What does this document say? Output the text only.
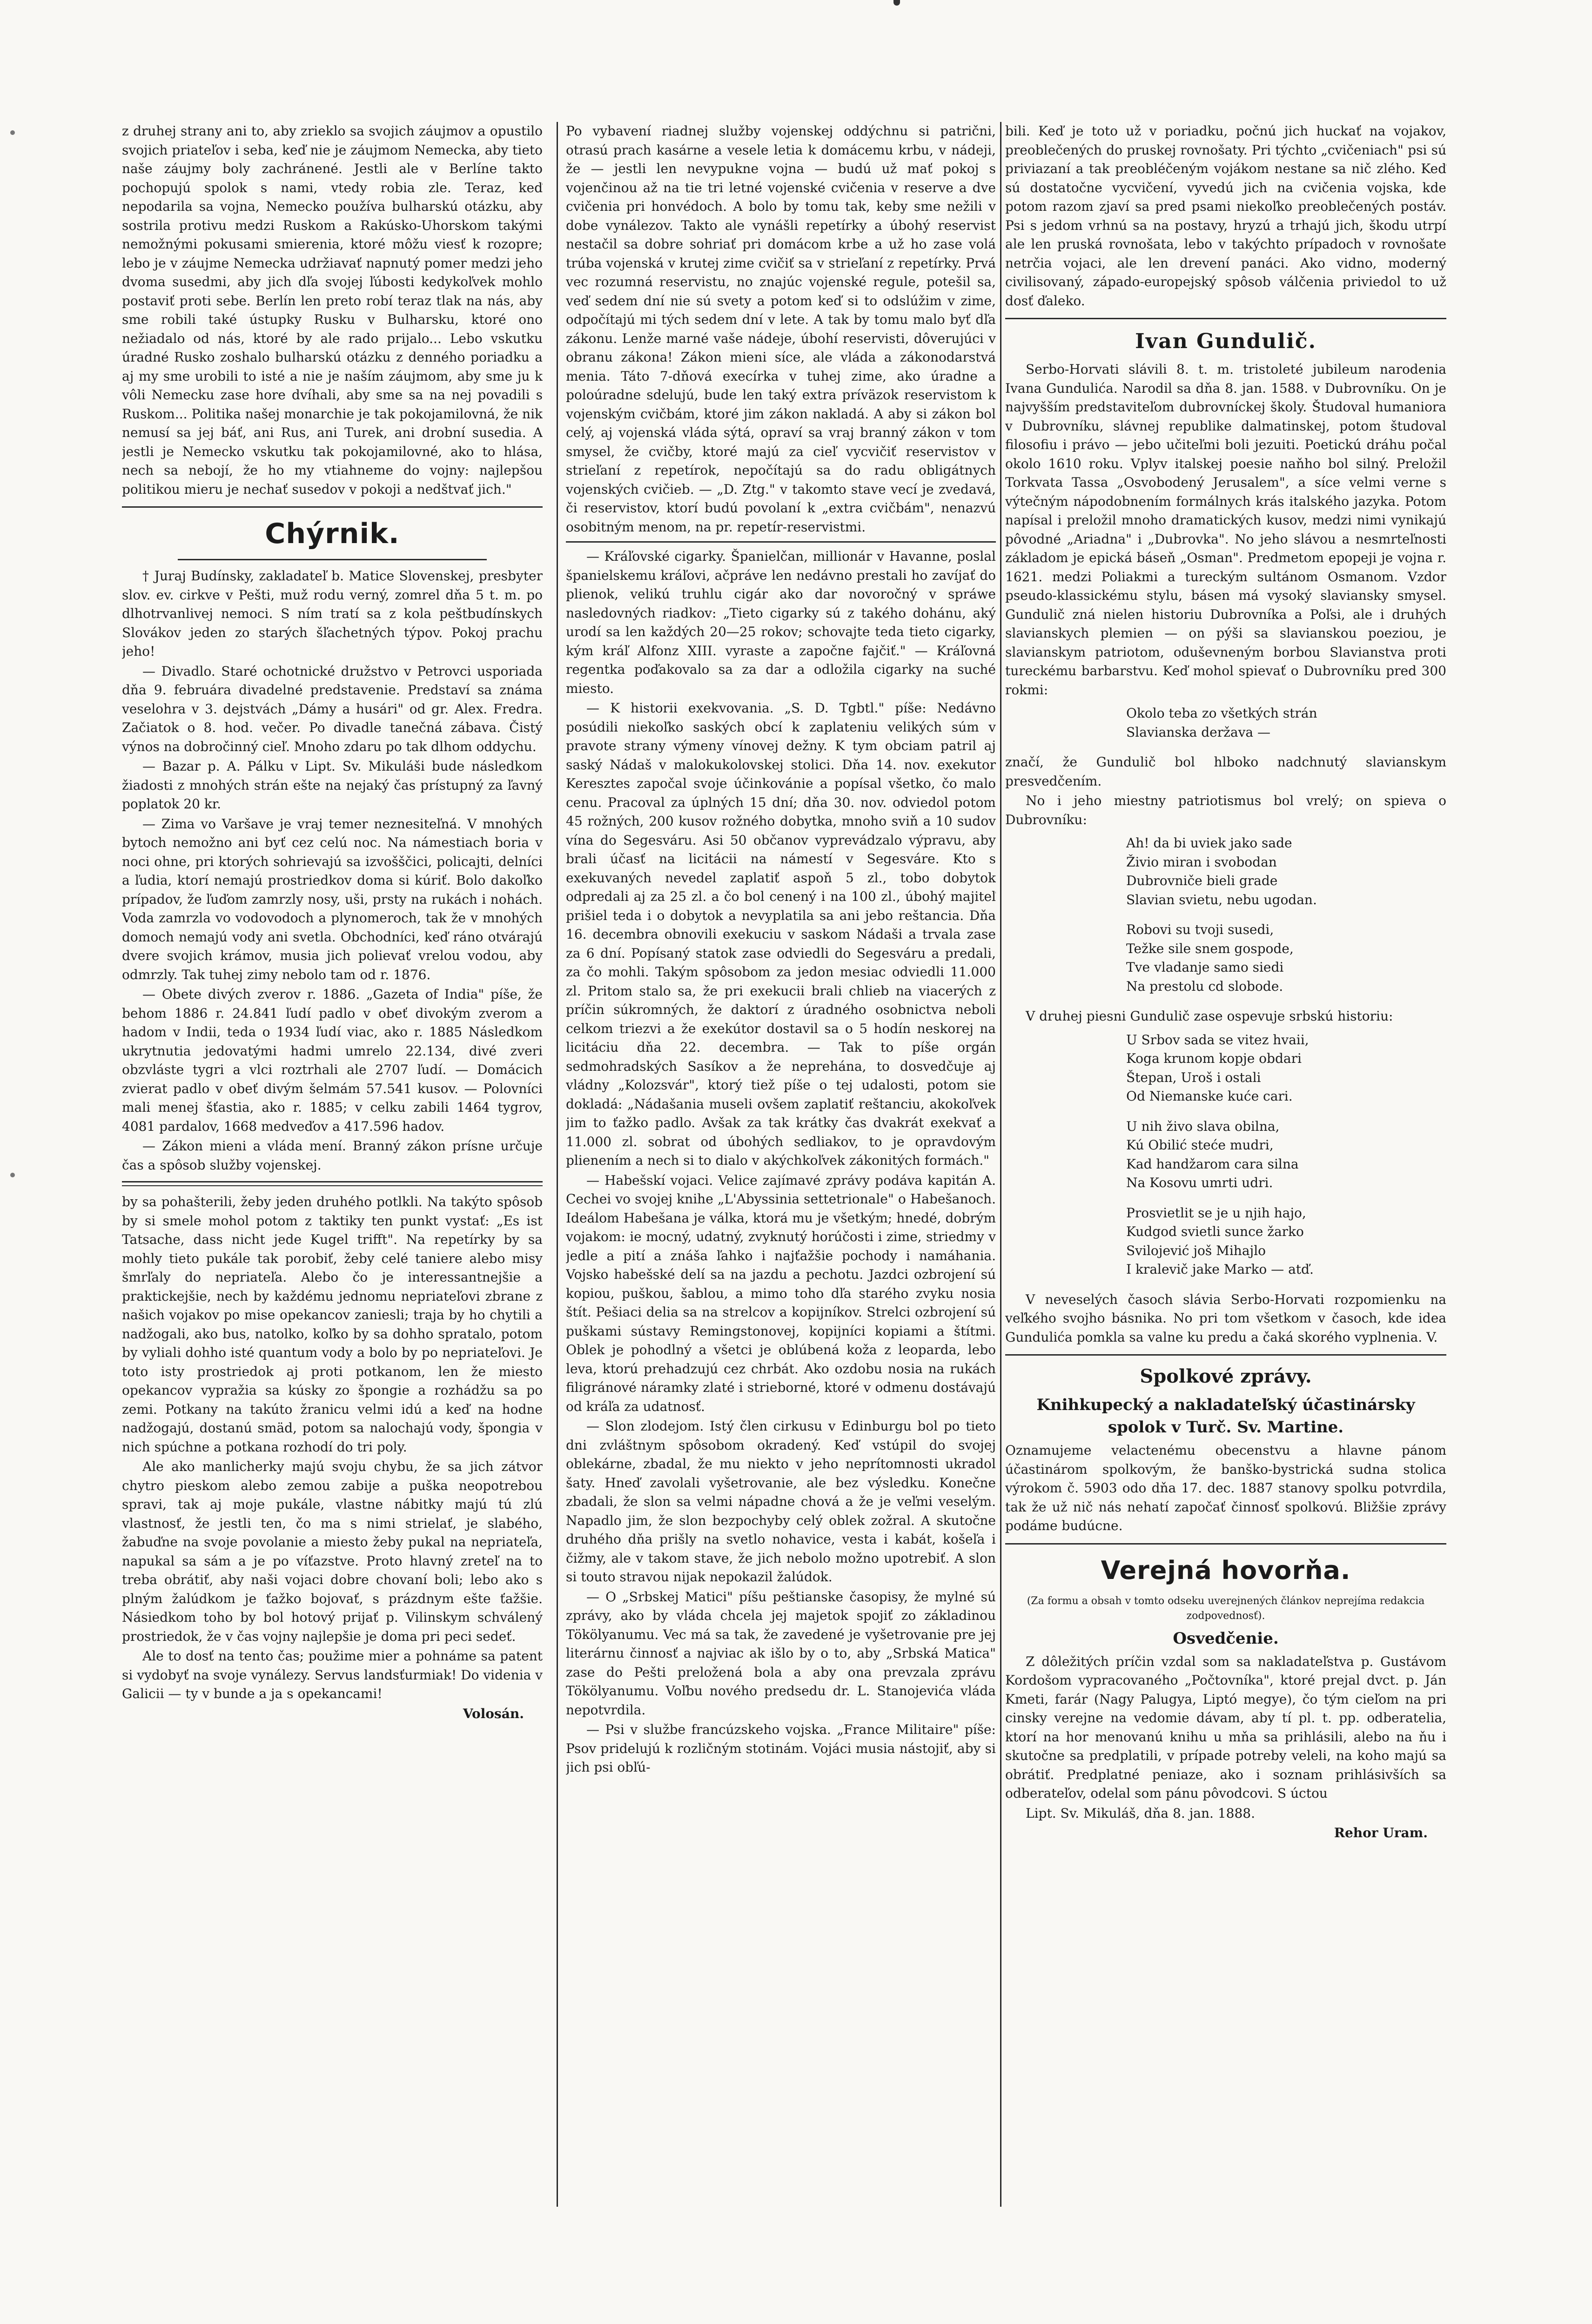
z druhej strany ani to, aby zrieklo sa svojich záujmov a opustilo svojich priateľov i seba, keď nie je záujmom Nemecka, aby tieto naše záujmy boly zachránené. Jestli ale v Berlíne takto pochopujú spolok s nami, vtedy robia zle. Teraz, keď nepodarila sa vojna, Nemecko používa bulharskú otázku, aby sostrila protivu medzi Ruskom a Rakúsko-Uhorskom takými nemožnými pokusami smierenia, ktoré môžu viesť k rozopre; lebo je v záujme Nemecka udržiavať napnutý pomer medzi jeho dvoma susedmi, aby jich dľa svojej ľúbosti kedykoľvek mohlo postaviť proti sebe. Berlín len preto robí teraz tlak na nás, aby sme robili také ústupky Rusku v Bulharsku, ktoré ono nežiadalo od nás, ktoré by ale rado prijalo... Lebo vskutku úradné Rusko zoshalo bulharskú otázku z denného poriadku a aj my sme urobili to isté a nie je naším záujmom, aby sme ju k vôli Nemecku zase hore dvíhali, aby sme sa na nej povadili s Ruskom... Politika našej monarchie je tak pokojamilovná, že nik nemusí sa jej báť, ani Rus, ani Turek, ani drobní susedia. A jestli je Nemecko vskutku tak pokojamilovné, ako to hlása, nech sa nebojí, že ho my vtiahneme do vojny: najlepšou politikou mieru je nechať susedov v pokoji a nedštvať jich."

Chýrnik.

† Juraj Budínsky, zakladateľ b. Matice Slovenskej, presbyter slov. ev. cirkve v Pešti, muž rodu verný, zomrel dňa 5 t. m. po dlhotrvanlivej nemoci. S ním tratí sa z kola peštbudínskych Slovákov jeden zo starých šľachetných týpov. Pokoj prachu jeho!

— Divadlo. Staré ochotnické družstvo v Petrovci usporiada dňa 9. februára divadelné predstavenie. Predstaví sa známa veselohra v 3. dejstvách „Dámy a husári" od gr. Alex. Fredra. Začiatok o 8. hod. večer. Po divadle tanečná zábava. Čistý výnos na dobročinný cieľ. Mnoho zdaru po tak dlhom oddychu.

— Bazar p. A. Pálku v Lipt. Sv. Mikuláši bude následkom žiadosti z mnohých strán ešte na nejaký čas prístupný za ľavný poplatok 20 kr.

— Zima vo Varšave je vraj temer neznesiteľná. V mnohých bytoch nemožno ani byť cez celú noc. Na námestiach boria v noci ohne, pri ktorých sohrievajú sa izvošščici, policajti, delníci a ľudia, ktorí nemajú prostriedkov doma si kúriť. Bolo dakoľko prípadov, že ľuďom zamrzly nosy, uši, prsty na rukách i nohách. Voda zamrzla vo vodovodoch a plynomeroch, tak že v mnohých domoch nemajú vody ani svetla. Obchodníci, keď ráno otvárajú dvere svojich krámov, musia jich polievať vrelou vodou, aby odmrzly. Tak tuhej zimy nebolo tam od r. 1876.

— Obete divých zverov r. 1886. „Gazeta of India" píše, že behom 1886 r. 24.841 ľudí padlo v obeť divokým zverom a hadom v Indii, teda o 1934 ľudí viac, ako r. 1885 Následkom ukrytnutia jedovatými hadmi umrelo 22.134, divé zveri obzvláste tygri a vlci roztrhali ale 2707 ľudí. — Domácich zvierat padlo v obeť divým šelmám 57.541 kusov. — Polovníci mali menej šťastia, ako r. 1885; v celku zabili 1464 tygrov, 4081 pardalov, 1668 medveďov a 417.596 hadov.

— Zákon mieni a vláda mení. Branný zákon prísne určuje čas a spôsob služby vojenskej.

by sa pohašterili, žeby jeden druhého potlkli. Na takýto spôsob by si smele mohol potom z taktiky ten punkt vystať: „Es ist Tatsache, dass nicht jede Kugel trifft". Na repetírky by sa mohly tieto pukále tak porobiť, žeby celé taniere alebo misy šmrľaly do nepriateľa. Alebo čo je interessantnejšie a praktickejšie, nech by každému jednomu nepriateľovi zbrane z našich vojakov po mise opekancov zaniesli; traja by ho chytili a nadžogali, ako bus, natolko, koľko by sa dohho spratalo, potom by vyliali dohho isté quantum vody a bolo by po nepriateľovi. Je toto isty prostriedok aj proti potkanom, len že miesto opekancov vypražia sa kúsky zo špongie a rozhádžu sa po zemi. Potkany na takúto žranicu velmi idú a keď na hodne nadžogajú, dostanú smäd, potom sa nalochajú vody, špongia v nich spúchne a potkana rozhodí do tri poly.

Ale ako manlicherky majú svoju chybu, že sa jich zátvor chytro pieskom alebo zemou zabije a puška neopotrebou spravi, tak aj moje pukále, vlastne nábitky majú tú zlú vlastnosť, že jestli ten, čo ma s nimi strielať, je slabého, žabuďne na svoje povolanie a miesto žeby pukal na nepriateľa, napukal sa sám a je po víťazstve. Proto hlavný zreteľ na to treba obrátiť, aby naši vojaci dobre chovaní boli; lebo ako s plným žalúdkom je ťažko bojovať, s prázdnym ešte ťažšie. Násiedkom toho by bol hotový prijať p. Vilinskym schválený prostriedok, že v čas vojny najlepšie je doma pri peci sedeť.

Ale to dosť na tento čas; použime mier a pohnáme sa patent si vydobyť na svoje vynálezy. Servus landsťurmiak! Do videnia v Galicii — ty v bunde a ja s opekancami!

Volosán.

Po vybavení riadnej služby vojenskej oddýchnu si patrični, otrasú prach kasárne a vesele letia k domácemu krbu, v nádeji, že — jestli len nevypukne vojna — budú už mať pokoj s vojenčinou až na tie tri letné vojenské cvičenia v reserve a dve cvičenia pri honvédoch. A bolo by tomu tak, keby sme nežili v dobe vynálezov. Takto ale vynášli repetírky a úbohý reservist nestačil sa dobre sohriať pri domácom krbe a už ho zase volá trúba vojenská v krutej zime cvičiť sa v strieľaní z repetírky. Prvá vec rozumná reservistu, no znajúc vojenské regule, potešil sa, veď sedem dní nie sú svety a potom keď si to odslúžim v zime, odpočítajú mi tých sedem dní v lete. A tak by tomu malo byť dľa zákonu. Lenže marné vaše nádeje, úbohí reservisti, dôverujúci v obranu zákona! Zákon mieni síce, ale vláda a zákonodarstvá menia. Táto 7-dňová execírka v tuhej zime, ako úradne a poloúradne sdelujú, bude len taký extra príväzok reservistom k vojenským cvičbám, ktoré jim zákon nakladá. A aby si zákon bol celý, aj vojenská vláda sýtá, opraví sa vraj branný zákon v tom smysel, že cvičby, ktoré majú za cieľ vycvičiť reservistov v strieľaní z repetírok, nepočítajú sa do radu obligátnych vojenských cvičieb. — „D. Ztg." v takomto stave vecí je zvedavá, či reservistov, ktorí budú povolaní k „extra cvičbám", nenazvú osobitným menom, na pr. repetír-reservistmi.

— Kráľovské cigarky. Španielčan, millionár v Havanne, poslal španielskemu kráľovi, ačpráve len nedávno prestali ho zavíjať do plienok, velikú truhlu cigár ako dar novoročný v spráwe nasledovných riadkov: „Tieto cigarky sú z takého dohánu, aký urodí sa len každých 20—25 rokov; schovajte teda tieto cigarky, kým kráľ Alfonz XIII. vyraste a započne fajčiť." — Kráľovná regentka poďakovalo sa za dar a odložila cigarky na suché miesto.

— K historii exekvovania. „S. D. Tgbtl." píše: Nedávno posúdili niekoľko saských obcí k zaplateniu velikých súm v pravote strany výmeny vínovej dežny. K tym obciam patril aj saský Nádaš v malokukolovskej stolici. Dňa 14. nov. exekutor Keresztes započal svoje účinkovánie a popísal všetko, čo malo cenu. Pracoval za úplných 15 dní; dňa 30. nov. odviedol potom 45 rožných, 200 kusov rožného dobytka, mnoho sviň a 10 sudov vína do Segesváru. Asi 50 občanov vyprevádzalo výpravu, aby brali účasť na licitácii na námestí v Segesváre. Kto s exekuvaných nevedel zaplatiť aspoň 5 zl., tobo dobytok odpredali aj za 25 zl. a čo bol cenený i na 100 zl., úbohý majiteľ prišiel teda i o dobytok a nevyplatila sa ani jebo reštancia. Dňa 16. decembra obnovili exekuciu v saskom Nádaši a trvala zase za 6 dní. Popísaný statok zase odviedli do Segesváru a predali, za čo mohli. Takým spôsobom za jedon mesiac odviedli 11.000 zl. Pritom stalo sa, že pri exekucii brali chlieb na viacerých z príčin súkromných, že daktorí z úradného osobnictva neboli celkom triezvi a že exekútor dostavil sa o 5 hodín neskorej na licitáciu dňa 22. decembra. — Tak to píše orgán sedmohradských Sasíkov a že neprehána, to dosvedčuje aj vládny „Kolozsvár", ktorý tiež píše o tej udalosti, potom sie dokladá: „Nádašania museli ovšem zaplatiť reštanciu, akokoľvek jim to ťažko padlo. Avšak za tak krátky čas dvakrát exekvať a 11.000 zl. sobrat od úbohých sedliakov, to je opravdovým plienením a nech si to dialo v akýchkoľvek zákonitých formách."

— Habešskí vojaci. Velice zajímavé zprávy podáva kapitán A. Cechei vo svojej knihe „L'Abyssinia settetrionale" o Habešanoch. Ideálom Habešana je válka, ktorá mu je všetkým; hnedé, dobrým vojakom: ie mocný, udatný, zvyknutý horúčosti i zime, striedmy v jedle a pití a znáša ľahko i najťažšie pochody i namáhania. Vojsko habešské delí sa na jazdu a pechotu. Jazdci ozbrojení sú kopiou, puškou, šablou, a mimo toho dľa starého zvyku nosia štít. Pešiaci delia sa na strelcov a kopijníkov. Strelci ozbrojení sú puškami sústavy Remingstonovej, kopijníci kopiami a štítmi. Oblek je pohodlný a všetci je oblúbená koža z leoparda, lebo leva, ktorú prehadzujú cez chrbát. Ako ozdobu nosia na rukách filigránové náramky zlaté i strieborné, ktoré v odmenu dostávajú od kráľa za udatnosť.

— Slon zlodejom. Istý člen cirkusu v Edinburgu bol po tieto dni zvláštnym spôsobom okradený. Keď vstúpil do svojej oblekárne, zbadal, že mu niekto v jeho neprítomnosti ukradol šaty. Hneď zavolali vyšetrovanie, ale bez výsledku. Konečne zbadali, že slon sa velmi nápadne chová a že je veľmi veselým. Napadlo jim, že slon bezpochyby celý oblek zožral. A skutočne druhého dňa prišly na svetlo nohavice, vesta i kabát, košeľa i čižmy, ale v takom stave, že jich nebolo možno upotrebiť. A slon si touto stravou nijak nepokazil žalúdok.

— O „Srbskej Matici" píšu peštianske časopisy, že mylné sú zprávy, ako by vláda chcela jej majetok spojiť zo základinou Tökölyanumu. Vec má sa tak, že zavedené je vyšetrovanie pre jej literárnu činnosť a najviac ak išlo by o to, aby „Srbská Matica" zase do Pešti preložená bola a aby ona prevzala zprávu Tökölyanumu. Voľbu nového predsedu dr. L. Stanojevića vláda nepotvrdila.

— Psi v službe francúzskeho vojska. „France Militaire" píše: Psov pridelujú k rozličným stotinám. Vojáci musia nástojiť, aby si jich psi obľú-

bili. Keď je toto už v poriadku, počnú jich huckať na vojakov, preoblečených do pruskej rovnošaty. Pri týchto „cvičeniach" psi sú priviazaní a tak preobléčeným vojákom nestane sa nič zlého. Keď sú dostatočne vycvičení, vyvedú jich na cvičenia vojska, kde potom razom zjaví sa pred psami niekoľko preoblečených postáv. Psi s jedom vrhnú sa na postavy, hryzú a trhajú jich, škodu utrpí ale len pruská rovnošata, lebo v takýchto prípadoch v rovnošate netrčia vojaci, ale len drevení panáci. Ako vidno, moderný civilisovaný, západo-europejský spôsob válčenia priviedol to už dosť ďaleko.

Ivan Gundulič.

Serbo-Horvati slávili 8. t. m. tristoleté jubileum narodenia Ivana Gundulića. Narodil sa dňa 8. jan. 1588. v Dubrovníku. On je najvyšším predstaviteľom dubrovníckej školy. Študoval humaniora v Dubrovníku, slávnej republike dalmatinskej, potom študoval filosofiu i právo — jebo učiteľmi boli jezuiti. Poetickú dráhu počal okolo 1610 roku. Vplyv italskej poesie naňho bol silný. Preložil Torkvata Tassa „Osvobodený Jerusalem", a síce velmi verne s výtečným nápodobnením formálnych krás italského jazyka. Potom napísal i preložil mnoho dramatických kusov, medzi nimi vynikajú pôvodné „Ariadna" i „Dubrovka". No jeho slávou a nesmrteľnosti základom je epická báseň „Osman". Predmetom epopeji je vojna r. 1621. medzi Poliakmi a tureckým sultánom Osmanom. Vzdor pseudo-klassickému stylu, básen má vysoký slaviansky smysel. Gundulič zná nielen historiu Dubrovníka a Poľsi, ale i druhých slavianskych plemien — on pýši sa slavianskou poeziou, je slavianskym patriotom, oduševneným borbou Slavianstva proti tureckému barbarstvu. Keď mohol spievať o Dubrovníku pred 300 rokmi:

Okolo teba zo všetkých strán
Slavianska deržava —

značí, že Gundulič bol hlboko nadchnutý slavianskym presvedčením.

No i jeho miestny patriotismus bol vrelý; on spieva o Dubrovníku:

Ah! da bi uviek jako sade
Živio miran i svobodan
Dubrovniče bieli grade
Slavian svietu, nebu ugodan.
Robovi su tvoji susedi,
Težke sile snem gospode,
Tve vladanje samo siedi
Na prestolu cd slobode.

V druhej piesni Gundulič zase ospevuje srbskú historiu:

U Srbov sada se vitez hvaii,
Koga krunom kopje obdari
Štepan, Uroš i ostali
Od Niemanske kuće cari.
U nih živo slava obilna,
Kú Obilić steće mudri,
Kad handžarom cara silna
Na Kosovu umrti udri.
Prosvietlit se je u njih hajo,
Kudgod svietli sunce žarko
Svilojević još Mihajlo
I kralevič jake Marko — atď.

V neveselých časoch slávia Serbo-Horvati rozpomienku na veľkého svojho básnika. No pri tom všetkom v časoch, kde idea Gundulića pomkla sa valne ku predu a čaká skorého vyplnenia. V.

Spolkové zprávy.
Knihkupecký a nakladateľský účastinársky spolok v Turč. Sv. Martine.

Oznamujeme velactenému obecenstvu a hlavne pánom účastinárom spolkovým, že banško-bystrická sudna stolica výrokom č. 5903 odo dňa 17. dec. 1887 stanovy spolku potvrdila, tak že už nič nás nehatí započať činnosť spolkovú. Bližšie zprávy podáme budúcne.

Verejná hovorňa.
(Za formu a obsah v tomto odseku uverejnených článkov neprejíma redakcia zodpovednosť).
Osvedčenie.

Z dôležitých príčin vzdal som sa nakladateľstva p. Gustávom Kordošom vypracovaného „Počtovníka", ktoré prejal dvct. p. Ján Kmeti, farár (Nagy Palugya, Liptó megye), čo tým cieľom na pri cinsky verejne na vedomie dávam, aby tí pl. t. pp. odberatelia, ktorí na hor menovanú knihu u mňa sa prihlásili, alebo na ňu i skutočne sa predplatili, v prípade potreby veleli, na koho majú sa obrátiť. Predplatné peniaze, ako i soznam prihlásivších sa odberateľov, odelal som pánu pôvodcovi. S úctou

Lipt. Sv. Mikuláš, dňa 8. jan. 1888.

Rehor Uram.
